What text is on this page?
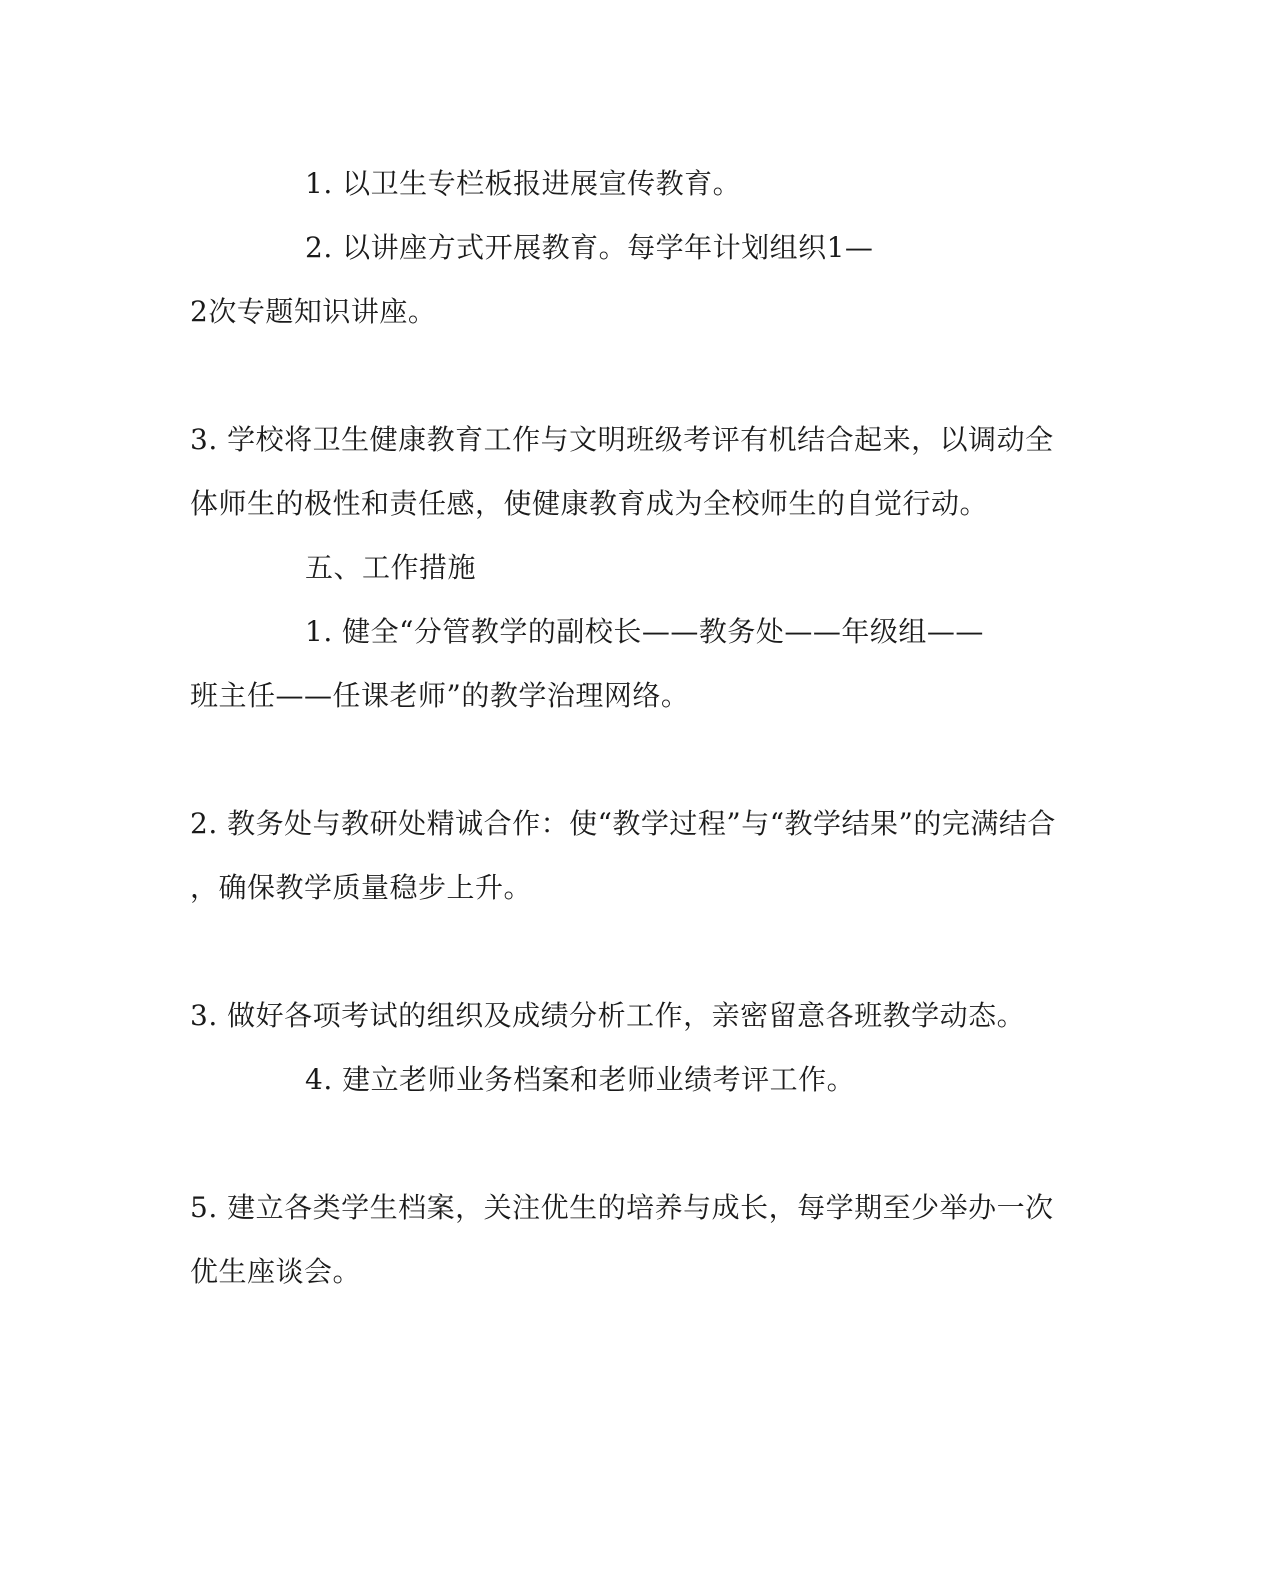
1. 以卫生专栏板报进展宣传教育。
2. 以讲座方式开展教育。每学年计划组织1—
2次专题知识讲座。
3. 学校将卫生健康教育工作与文明班级考评有机结合起来，以调动全
体师生的极性和责任感，使健康教育成为全校师生的自觉行动。
五、工作措施
1. 健全“分管教学的副校长——教务处——年级组——
班主任——任课老师”的教学治理网络。
2. 教务处与教研处精诚合作：使“教学过程”与“教学结果”的完满结合
，确保教学质量稳步上升。
3. 做好各项考试的组织及成绩分析工作，亲密留意各班教学动态。
4. 建立老师业务档案和老师业绩考评工作。
5. 建立各类学生档案，关注优生的培养与成长，每学期至少举办一次
优生座谈会。
